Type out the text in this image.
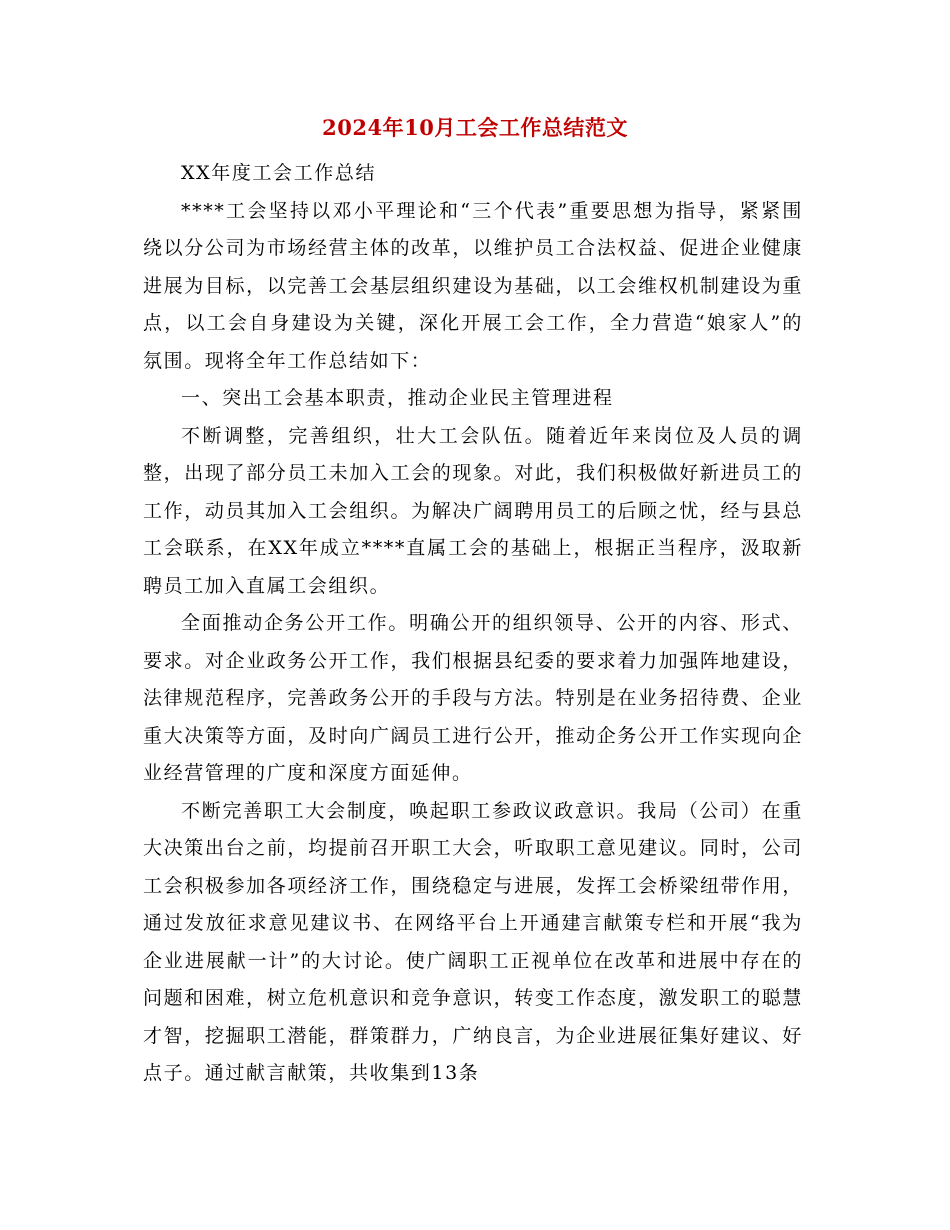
2024年10月工会工作总结范文

XX年度工会工作总结

****工会坚持以邓小平理论和“三个代表”重要思想为指导，紧紧围绕以分公司为市场经营主体的改革，以维护员工合法权益、促进企业健康进展为目标，以完善工会基层组织建设为基础，以工会维权机制建设为重点，以工会自身建设为关键，深化开展工会工作，全力营造“娘家人”的氛围。现将全年工作总结如下：

一、突出工会基本职责，推动企业民主管理进程

不断调整，完善组织，壮大工会队伍。随着近年来岗位及人员的调整，出现了部分员工未加入工会的现象。对此，我们积极做好新进员工的工作，动员其加入工会组织。为解决广阔聘用员工的后顾之忧，经与县总工会联系，在XX年成立****直属工会的基础上，根据正当程序，汲取新聘员工加入直属工会组织。

全面推动企务公开工作。明确公开的组织领导、公开的内容、形式、要求。对企业政务公开工作，我们根据县纪委的要求着力加强阵地建设，法律规范程序，完善政务公开的手段与方法。特别是在业务招待费、企业重大决策等方面，及时向广阔员工进行公开，推动企务公开工作实现向企业经营管理的广度和深度方面延伸。

不断完善职工大会制度，唤起职工参政议政意识。我局（公司）在重大决策出台之前，均提前召开职工大会，听取职工意见建议。同时，公司工会积极参加各项经济工作，围绕稳定与进展，发挥工会桥梁纽带作用，通过发放征求意见建议书、在网络平台上开通建言献策专栏和开展“我为企业进展献一计”的大讨论。使广阔职工正视单位在改革和进展中存在的问题和困难，树立危机意识和竞争意识，转变工作态度，激发职工的聪慧才智，挖掘职工潜能，群策群力，广纳良言，为企业进展征集好建议、好点子。通过献言献策，共收集到13条
